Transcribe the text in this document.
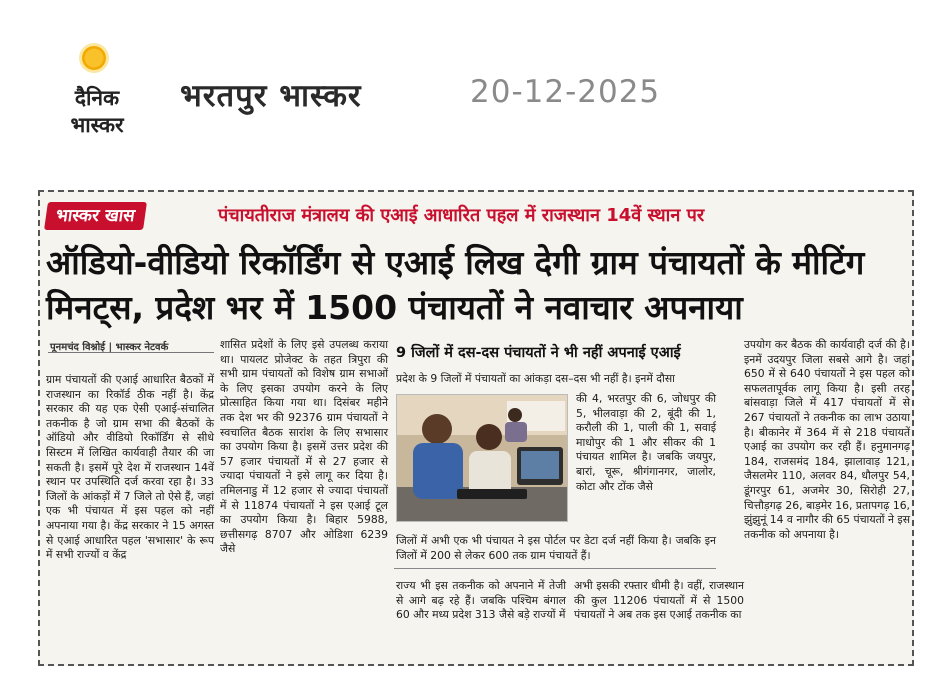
दैनिक
भास्कर
भरतपुर भास्कर	20-12-2025
भास्कर खास	पंचायतीराज मंत्रालय की एआई आधारित पहल में राजस्थान 14वें स्थान पर
ऑडियो-वीडियो रिकॉर्डिंग से एआई लिख देगी ग्राम पंचायतों के मीटिंग मिनट्स, प्रदेश भर में 1500 पंचायतों ने नवाचार अपनाया
पूनमचंद विश्नोई | भास्कर नेटवर्क
ग्राम पंचायतों की एआई आधारित बैठकों में राजस्थान का रिकॉर्ड ठीक नहीं है। केंद्र सरकार की यह एक ऐसी एआई-संचालित तकनीक है जो ग्राम सभा की बैठकों के ऑडियो और वीडियो रिकॉर्डिंग से सीधे सिस्टम में लिखित कार्यवाही तैयार की जा सकती है। इसमें पूरे देश में राजस्थान 14वें स्थान पर उपस्थिति दर्ज करवा रहा है। 33 जिलों के आंकड़ों में 7 जिले तो ऐसे हैं, जहां एक भी पंचायत में इस पहल को नहीं अपनाया गया है। केंद्र सरकार ने 15 अगस्त से एआई आधारित पहल 'सभासार' के रूप में सभी राज्यों व केंद्र
शासित प्रदेशों के लिए इसे उपलब्ध कराया था। पायलट प्रोजेक्ट के तहत त्रिपुरा की सभी ग्राम पंचायतों को विशेष ग्राम सभाओं के लिए इसका उपयोग करने के लिए प्रोत्साहित किया गया था। दिसंबर महीने तक देश भर की 92376 ग्राम पंचायतों ने स्वचालित बैठक सारांश के लिए सभासार का उपयोग किया है। इसमें उत्तर प्रदेश की 57 हजार पंचायतों में से 27 हजार से ज्यादा पंचायतों ने इसे लागू कर दिया है। तमिलनाडु में 12 हजार से ज्यादा पंचायतों में से 11874 पंचायतों ने इस एआई टूल का उपयोग किया है। बिहार 5988, छत्तीसगढ़ 8707 और ओडिशा 6239 जैसे
9 जिलों में दस-दस पंचायतों ने भी नहीं अपनाई एआई
प्रदेश के 9 जिलों में पंचायतों का आंकड़ा दस–दस भी नहीं है। इनमें दौसा
की 4, भरतपुर की 6, जोधपुर की 5, भीलवाड़ा की 2, बूंदी की 1, करौली की 1, पाली की 1, सवाई माधोपुर की 1 और सीकर की 1 पंचायत शामिल है। जबकि जयपुर, बारां, चूरू, श्रीगंगानगर, जालोर, कोटा और टोंक जैसे
जिलों में अभी एक भी पंचायत ने इस पोर्टल पर डेटा दर्ज नहीं किया है। जबकि इन जिलों में 200 से लेकर 600 तक ग्राम पंचायतें हैं।
राज्य भी इस तकनीक को अपनाने में तेजी से आगे बढ़ रहे हैं। जबकि पश्चिम बंगाल 60 और मध्य प्रदेश 313 जैसे बड़े राज्यों में
अभी इसकी रफ्तार धीमी है। वहीं, राजस्थान की कुल 11206 पंचायतों में से 1500 पंचायतों ने अब तक इस एआई तकनीक का
उपयोग कर बैठक की कार्यवाही दर्ज की है। इनमें उदयपुर जिला सबसे आगे है। जहां 650 में से 640 पंचायतों ने इस पहल को सफलतापूर्वक लागू किया है। इसी तरह बांसवाड़ा जिले में 417 पंचायतों में से 267 पंचायतों ने तकनीक का लाभ उठाया है। बीकानेर में 364 में से 218 पंचायतें एआई का उपयोग कर रही हैं। हनुमानगढ़ 184, राजसमंद 184, झालावाड़ 121, जैसलमेर 110, अलवर 84, धौलपुर 54, डूंगरपुर 61, अजमेर 30, सिरोही 27, चित्तौड़गढ़ 26, बाड़मेर 16, प्रतापगढ़ 16, झुंझुनूं 14 व नागौर की 65 पंचायतों ने इस तकनीक को अपनाया है।
